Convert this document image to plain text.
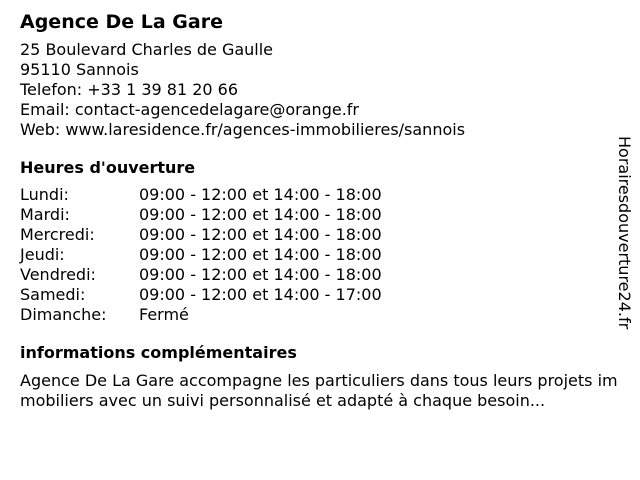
Agence De La Gare
25 Boulevard Charles de Gaulle
95110 Sannois
Telefon: +33 1 39 81 20 66
Email: contact-agencedelagare@orange.fr
Web: www.laresidence.fr/agences-immobilieres/sannois
Heures d'ouverture
Lundi:	09:00 - 12:00 et 14:00 - 18:00
Mardi:	09:00 - 12:00 et 14:00 - 18:00
Mercredi:	09:00 - 12:00 et 14:00 - 18:00
Jeudi:	09:00 - 12:00 et 14:00 - 18:00
Vendredi:	09:00 - 12:00 et 14:00 - 18:00
Samedi:	09:00 - 12:00 et 14:00 - 17:00
Dimanche: Fermé
informations complémentaires
Agence De La Gare accompagne les particuliers dans tous leurs projets immobiliers avec un suivi personnalisé et adapté à chaque besoin...
Horairesdouverture24.fr
